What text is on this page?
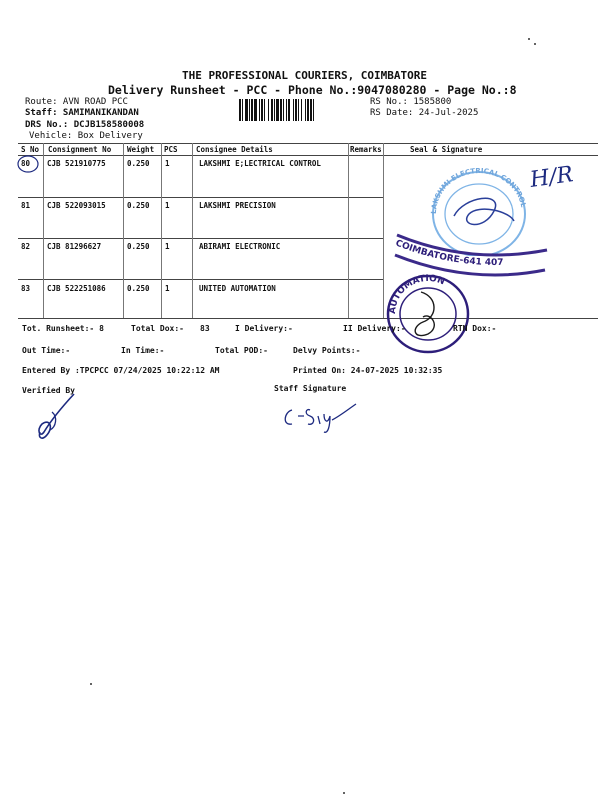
THE PROFESSIONAL COURIERS, COIMBATORE
Delivery Runsheet - PCC - Phone No.:9047080280 - Page No.:8
Route: AVN ROAD PCC
Staff: SAMIMANIKANDAN
DRS No.: DCJB158580008
Vehicle: Box Delivery
RS No.: 1585800
RS Date: 24-Jul-2025
S No Consignment No Weight PCS Consignee Details	Remarks	Seal & Signature
80 CJB 521910775	0.250 1	LAKSHMI E;LECTRICAL CONTROL
81 CJB 522093015	0.250 1	LAKSHMI PRECISION
82 CJB 81296627	0.250 1	ABIRAMI ELECTRONIC
83 CJB 522251086	0.250 1	UNITED AUTOMATION
LAKSHMI ELECTRICAL CONTROL
H/R
COIMBATORE-641 407
AUTOMATION
Tot. Runsheet:- 8	Total Dox:- 83	I Delivery:-	II Delivery:-	RTN Dox:-
Out Time:-	In Time:-	Total POD:-	Delvy Points:-
Entered By :TPCPCC 07/24/2025 10:22:12 AM	Printed On: 24-07-2025 10:32:35
Verified By	Staff Signature
